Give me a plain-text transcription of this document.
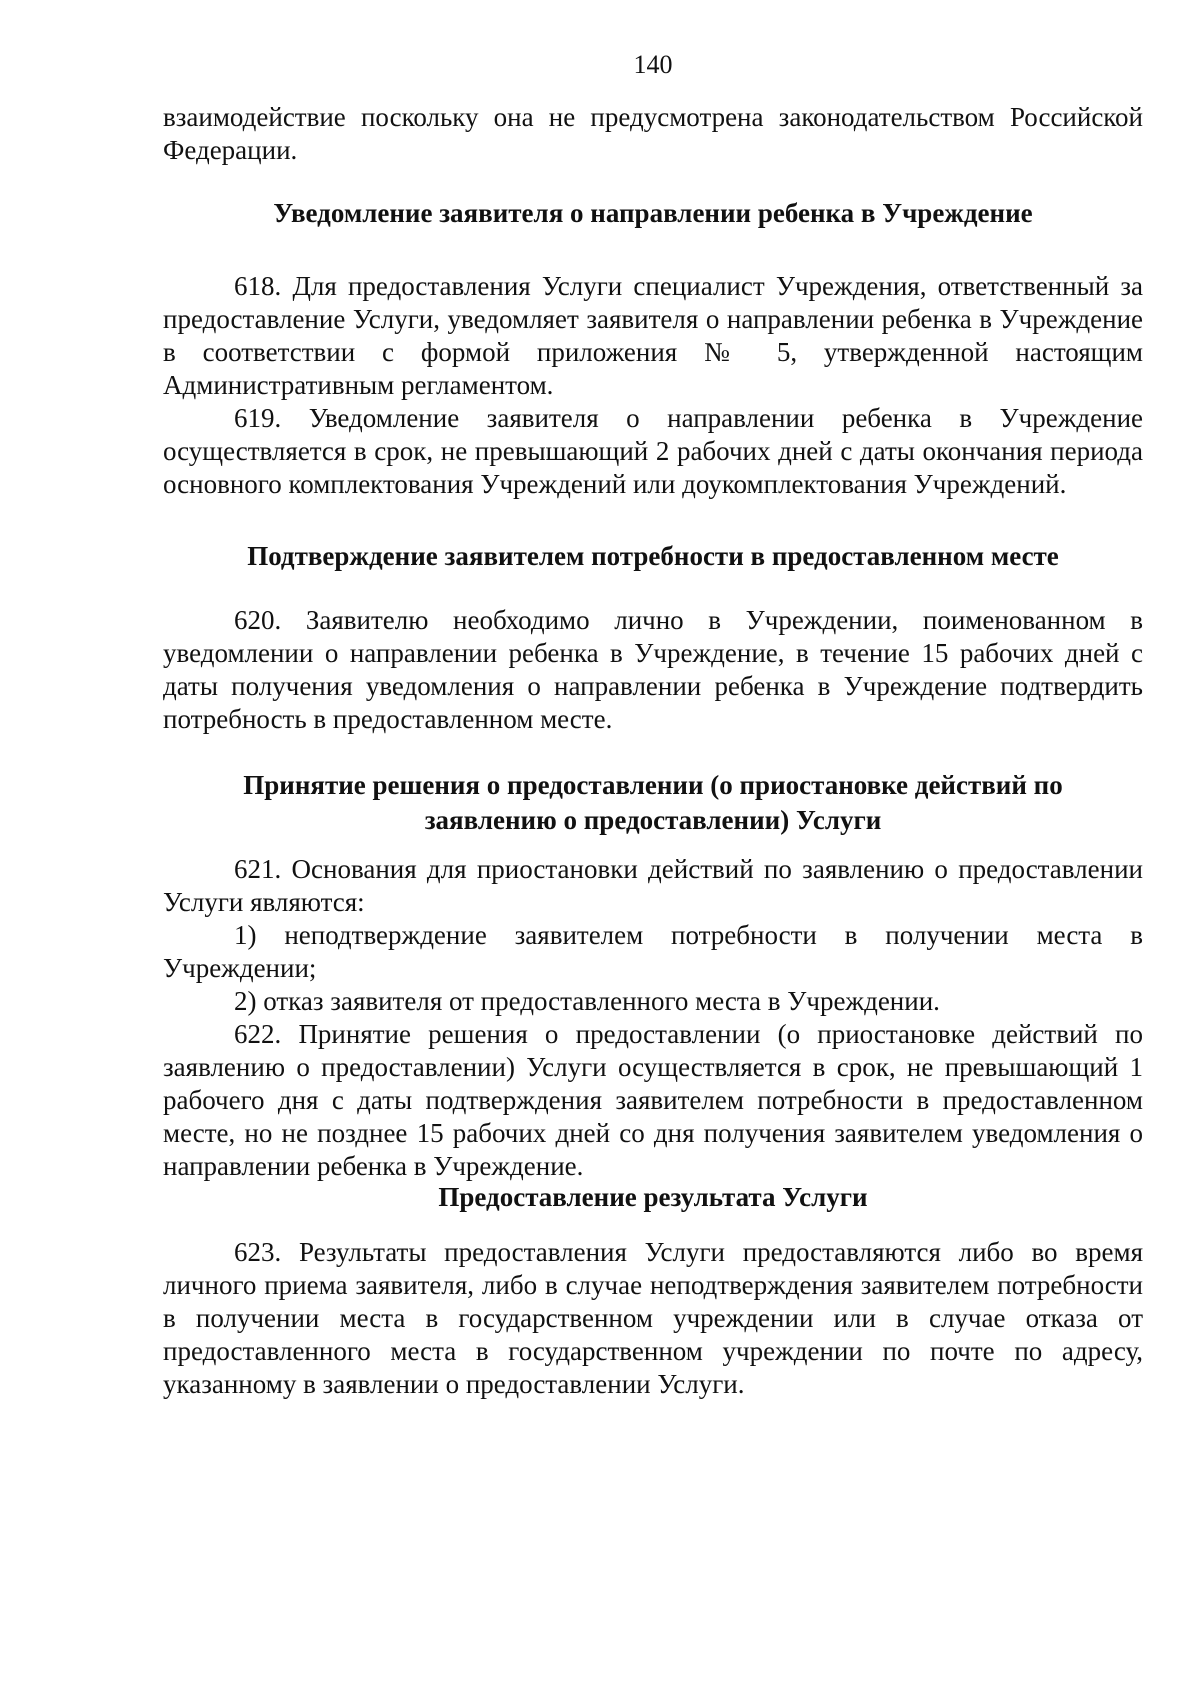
140

взаимодействие поскольку она не предусмотрена законодательством Российской Федерации.

Уведомление заявителя о направлении ребенка в Учреждение

618. Для предоставления Услуги специалист Учреждения, ответственный за предоставление Услуги, уведомляет заявителя о направлении ребенка в Учреждение в соответствии с формой приложения № 5, утвержденной настоящим Административным регламентом.

619. Уведомление заявителя о направлении ребенка в Учреждение осуществляется в срок, не превышающий 2 рабочих дней с даты окончания периода основного комплектования Учреждений или доукомплектования Учреждений.

Подтверждение заявителем потребности в предоставленном месте

620. Заявителю необходимо лично в Учреждении, поименованном в уведомлении о направлении ребенка в Учреждение, в течение 15 рабочих дней с даты получения уведомления о направлении ребенка в Учреждение подтвердить потребность в предоставленном месте.

Принятие решения о предоставлении (о приостановке действий по
заявлению о предоставлении) Услуги

621. Основания для приостановки действий по заявлению о предоставлении Услуги являются:

1) неподтверждение заявителем потребности в получении места в Учреждении;

2) отказ заявителя от предоставленного места в Учреждении.

622. Принятие решения о предоставлении (о приостановке действий по заявлению о предоставлении) Услуги осуществляется в срок, не превышающий 1 рабочего дня с даты подтверждения заявителем потребности в предоставленном месте, но не позднее 15 рабочих дней со дня получения заявителем уведомления о направлении ребенка в Учреждение.

Предоставление результата Услуги

623. Результаты предоставления Услуги предоставляются либо во время личного приема заявителя, либо в случае неподтверждения заявителем потребности в получении места в государственном учреждении или в случае отказа от предоставленного места в государственном учреждении по почте по адресу, указанному в заявлении о предоставлении Услуги.
